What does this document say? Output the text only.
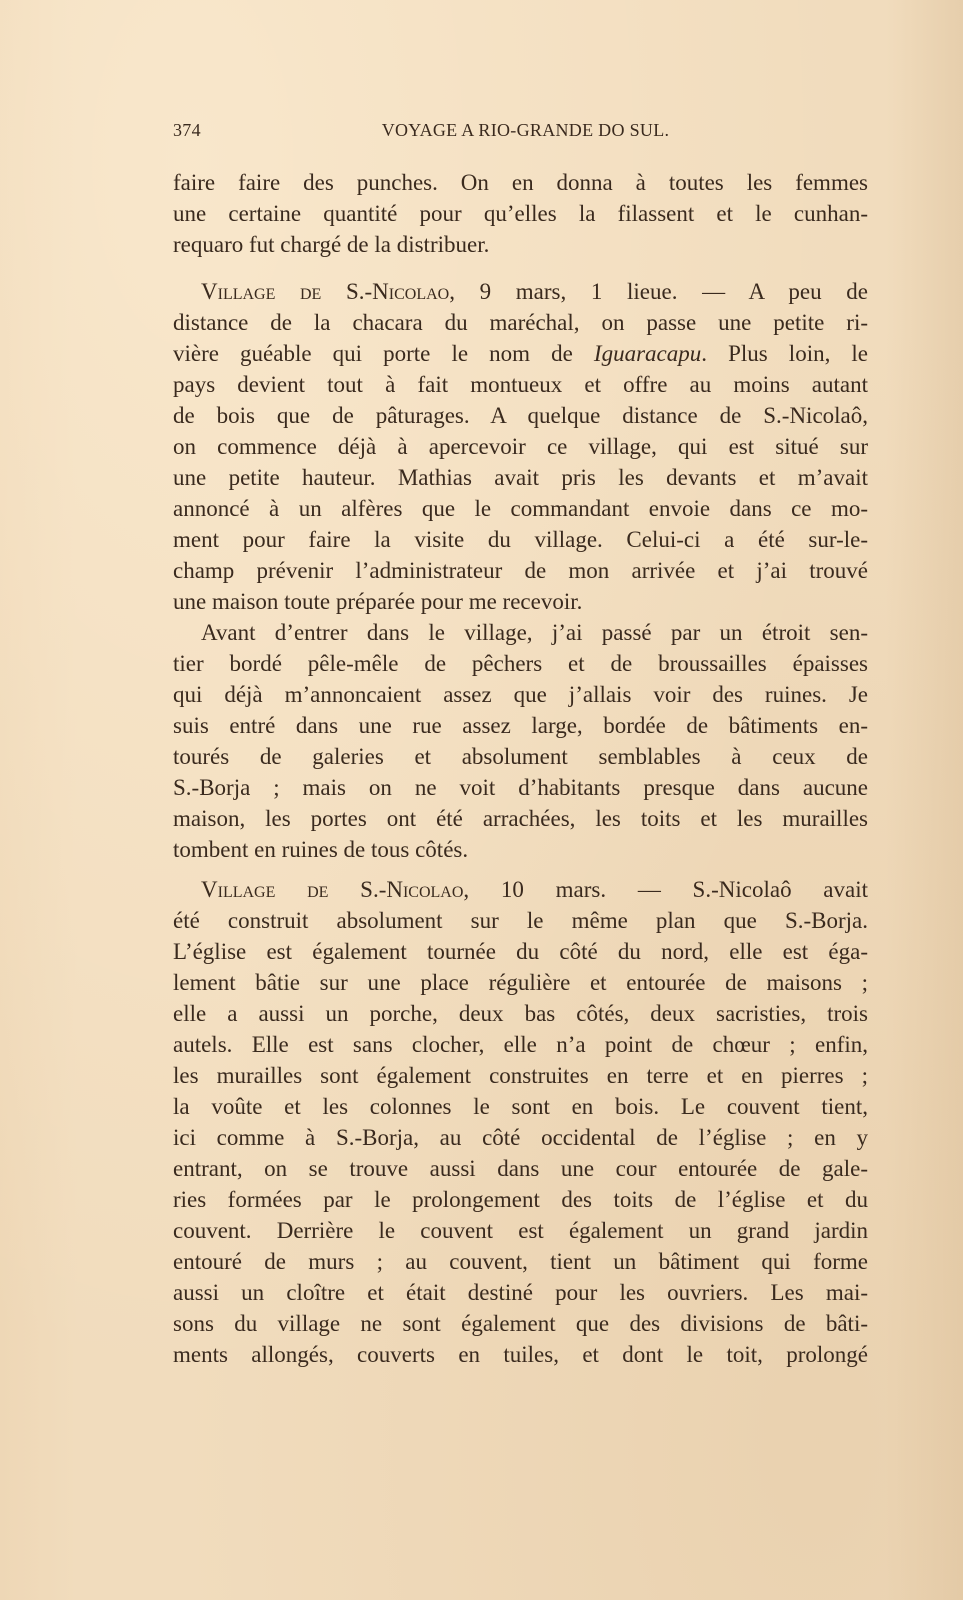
374	VOYAGE A RIO-GRANDE DO SUL.
faire faire des punches. On en donna à toutes les femmes
une certaine quantité pour qu’elles la filassent et le cunhan-
requaro fut chargé de la distribuer.
Village de S.-Nicolao, 9 mars, 1 lieue. — A peu de
distance de la chacara du maréchal, on passe une petite ri-
vière guéable qui porte le nom de Iguaracapu. Plus loin, le
pays devient tout à fait montueux et offre au moins autant
de bois que de pâturages. A quelque distance de S.-Nicolaô,
on commence déjà à apercevoir ce village, qui est situé sur
une petite hauteur. Mathias avait pris les devants et m’avait
annoncé à un alfères que le commandant envoie dans ce mo-
ment pour faire la visite du village. Celui-ci a été sur-le-
champ prévenir l’administrateur de mon arrivée et j’ai trouvé
une maison toute préparée pour me recevoir.
Avant d’entrer dans le village, j’ai passé par un étroit sen-
tier bordé pêle-mêle de pêchers et de broussailles épaisses
qui déjà m’annoncaient assez que j’allais voir des ruines. Je
suis entré dans une rue assez large, bordée de bâtiments en-
tourés de galeries et absolument semblables à ceux de
S.-Borja ; mais on ne voit d’habitants presque dans aucune
maison, les portes ont été arrachées, les toits et les murailles
tombent en ruines de tous côtés.
Village de S.-Nicolao, 10 mars. — S.-Nicolaô avait
été construit absolument sur le même plan que S.-Borja.
L’église est également tournée du côté du nord, elle est éga-
lement bâtie sur une place régulière et entourée de maisons ;
elle a aussi un porche, deux bas côtés, deux sacristies, trois
autels. Elle est sans clocher, elle n’a point de chœur ; enfin,
les murailles sont également construites en terre et en pierres ;
la voûte et les colonnes le sont en bois. Le couvent tient,
ici comme à S.-Borja, au côté occidental de l’église ; en y
entrant, on se trouve aussi dans une cour entourée de gale-
ries formées par le prolongement des toits de l’église et du
couvent. Derrière le couvent est également un grand jardin
entouré de murs ; au couvent, tient un bâtiment qui forme
aussi un cloître et était destiné pour les ouvriers. Les mai-
sons du village ne sont également que des divisions de bâti-
ments allongés, couverts en tuiles, et dont le toit, prolongé
